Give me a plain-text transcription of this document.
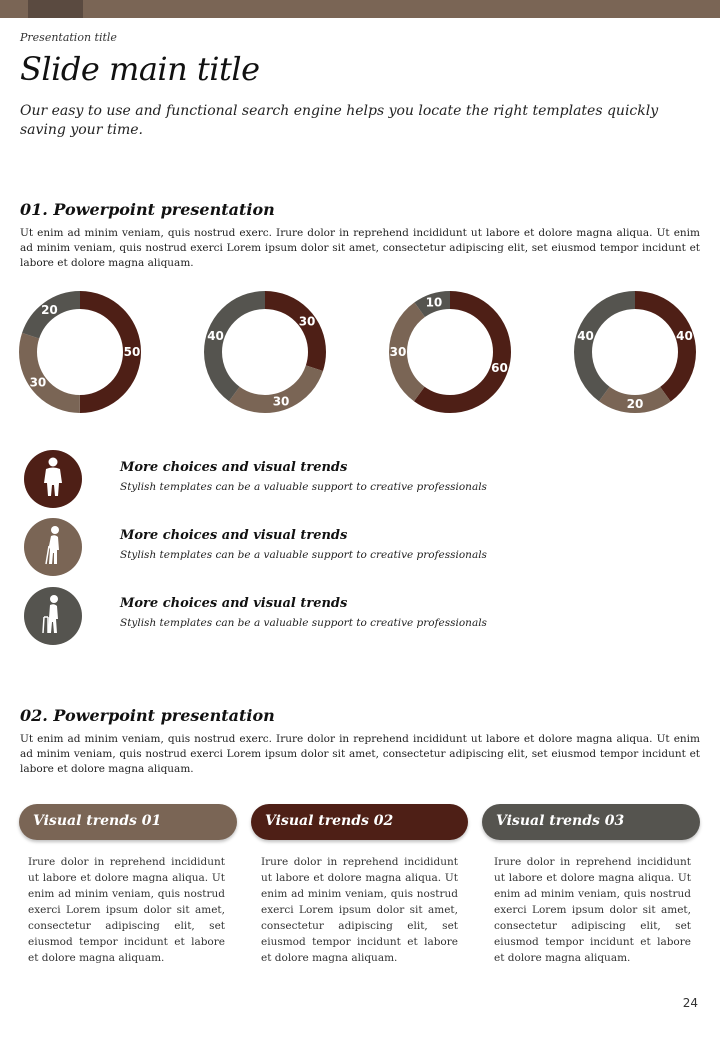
Presentation title
Slide main title
Our easy to use and functional search engine helps you locate the right templates quickly saving your time.
01. Powerpoint presentation
Ut enim ad minim veniam, quis nostrud exerc. Irure dolor in reprehend incididunt ut labore et dolore magna aliqua. Ut enim ad minim veniam, quis nostrud exerci Lorem ipsum dolor sit amet, consectetur adipiscing elit, set eiusmod tempor incidunt et labore et dolore magna aliquam.
50
30
20
30
30
40
60
30
10
40
20
40
More choices and visual trends
Stylish templates can be a valuable support to creative professionals
More choices and visual trends
Stylish templates can be a valuable support to creative professionals
More choices and visual trends
Stylish templates can be a valuable support to creative professionals
02. Powerpoint presentation
Ut enim ad minim veniam, quis nostrud exerc. Irure dolor in reprehend incididunt ut labore et dolore magna aliqua. Ut enim ad minim veniam, quis nostrud exerci Lorem ipsum dolor sit amet, consectetur adipiscing elit, set eiusmod tempor incidunt et labore et dolore magna aliquam.
Visual trends 01	Visual trends 02	Visual trends 03
Irure dolor in reprehend incididunt ut labore et dolore magna aliqua. Ut enim ad minim veniam, quis nostrud exerci Lorem ipsum dolor sit amet, consectetur adipiscing elit, set eiusmod tempor incidunt et labore et dolore magna aliquam.
Irure dolor in reprehend incididunt ut labore et dolore magna aliqua. Ut enim ad minim veniam, quis nostrud exerci Lorem ipsum dolor sit amet, consectetur adipiscing elit, set eiusmod tempor incidunt et labore et dolore magna aliquam.
Irure dolor in reprehend incididunt ut labore et dolore magna aliqua. Ut enim ad minim veniam, quis nostrud exerci Lorem ipsum dolor sit amet, consectetur adipiscing elit, set eiusmod tempor incidunt et labore et dolore magna aliquam.
24
